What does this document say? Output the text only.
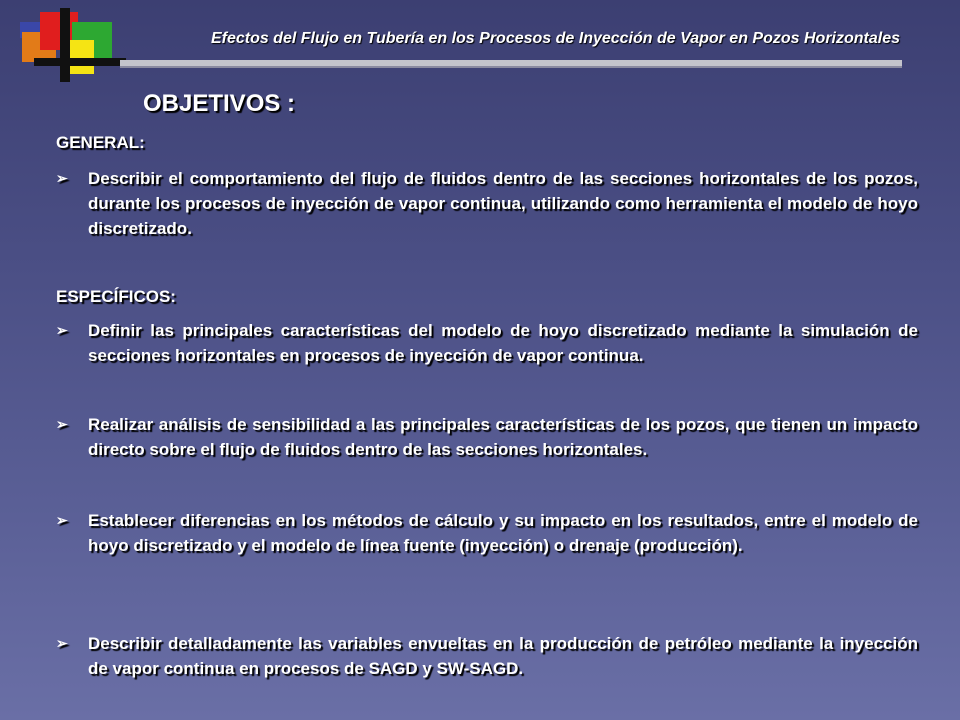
Efectos del Flujo en Tubería en los Procesos de Inyección de Vapor en Pozos Horizontales
OBJETIVOS :
GENERAL:
➢ Describir el comportamiento del flujo de fluidos dentro de las secciones horizontales de los pozos, durante los procesos de inyección de vapor continua, utilizando como herramienta el modelo de hoyo discretizado.
ESPECÍFICOS:
➢ Definir las principales características del modelo de hoyo discretizado mediante la simulación de secciones horizontales en procesos de inyección de vapor continua.
➢ Realizar análisis de sensibilidad a las principales características de los pozos, que tienen un impacto directo sobre el flujo de fluidos dentro de las secciones horizontales.
➢ Establecer diferencias en los métodos de cálculo y su impacto en los resultados, entre el modelo de hoyo discretizado y el modelo de línea fuente (inyección) o drenaje (producción).
➢ Describir detalladamente las variables envueltas en la producción de petróleo mediante la inyección de vapor continua en procesos de SAGD y SW-SAGD.
